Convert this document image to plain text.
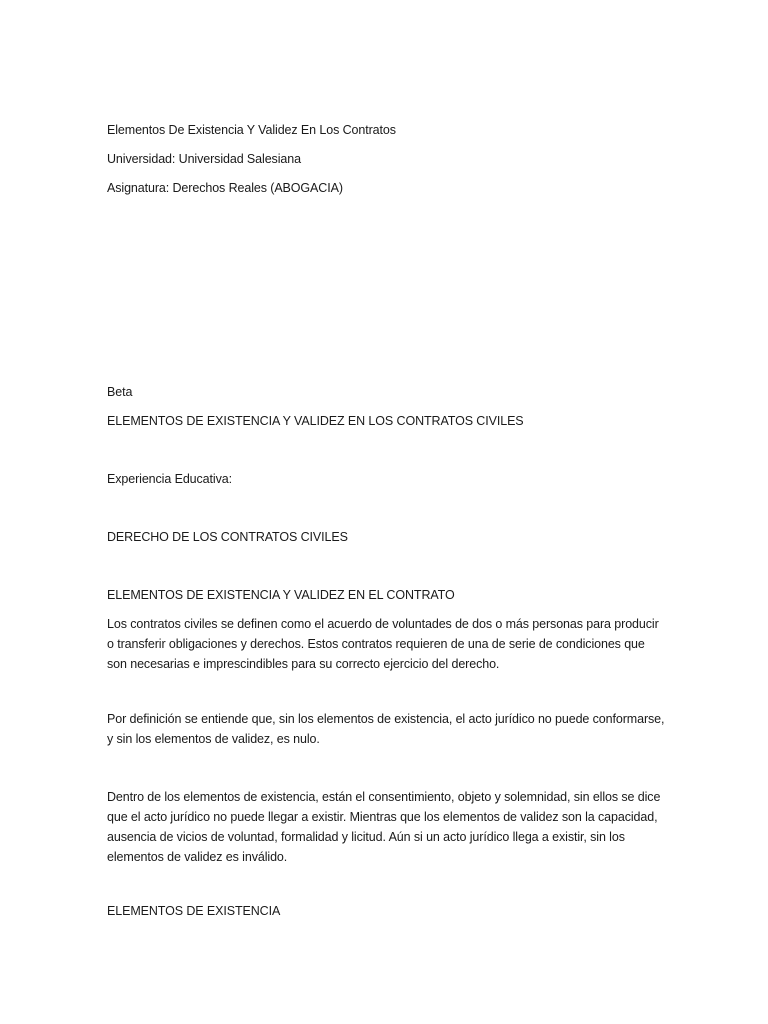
Elementos De Existencia Y Validez En Los Contratos
Universidad: Universidad Salesiana
Asignatura: Derechos Reales (ABOGACIA)
Beta
ELEMENTOS DE EXISTENCIA Y VALIDEZ EN LOS CONTRATOS CIVILES
Experiencia Educativa:
DERECHO DE LOS CONTRATOS CIVILES
ELEMENTOS DE EXISTENCIA Y VALIDEZ EN EL CONTRATO

Los contratos civiles se definen como el acuerdo de voluntades de dos o más personas para producir o transferir obligaciones y derechos. Estos contratos requieren de una de serie de condiciones que son necesarias e imprescindibles para su correcto ejercicio del derecho.

Por definición se entiende que, sin los elementos de existencia, el acto jurídico no puede conformarse, y sin los elementos de validez, es nulo.

Dentro de los elementos de existencia, están el consentimiento, objeto y solemnidad, sin ellos se dice que el acto jurídico no puede llegar a existir. Mientras que los elementos de validez son la capacidad, ausencia de vicios de voluntad, formalidad y licitud. Aún si un acto jurídico llega a existir, sin los elementos de validez es inválido.

ELEMENTOS DE EXISTENCIA
